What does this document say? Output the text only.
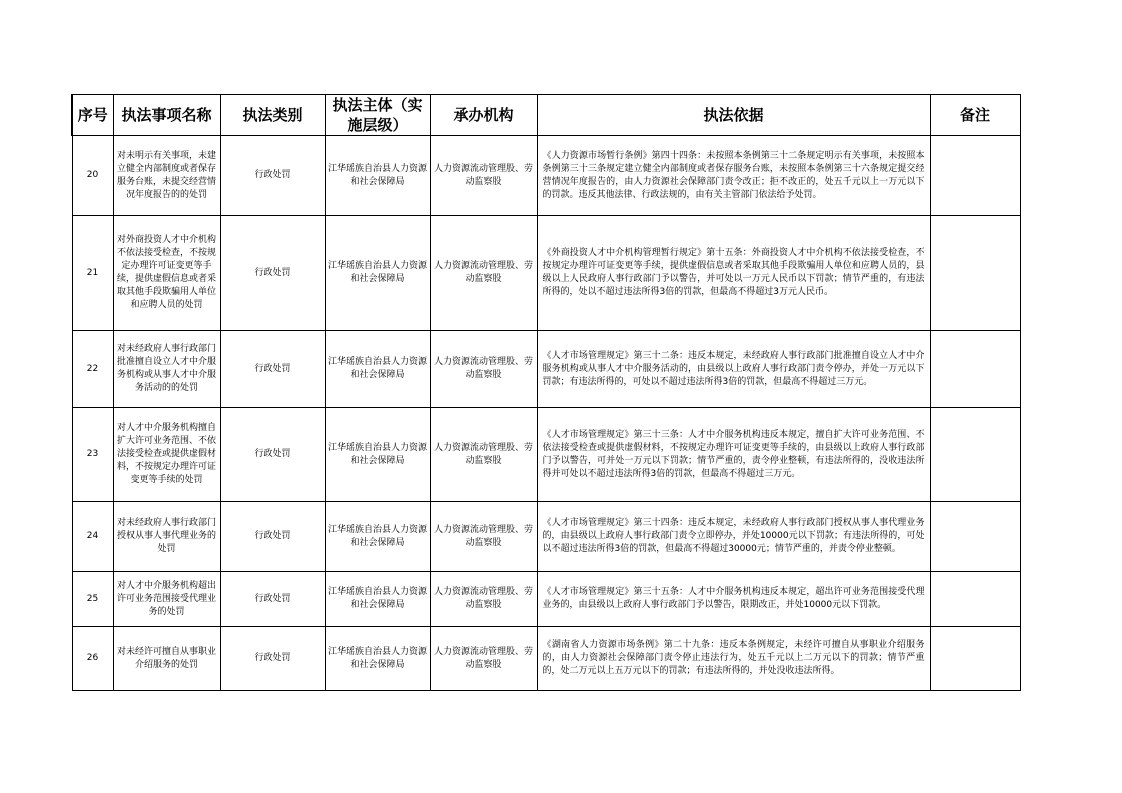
序号	执法事项名称	执法类别	执法主体（实施层级）	承办机构	执法依据	备注
20	对未明示有关事项，未建立健全内部制度或者保存服务台账，未提交经营情况年度报告的的处罚	行政处罚	江华瑶族自治县人力资源和社会保障局	人力资源流动管理股、劳动监察股	《人力资源市场暂行条例》第四十四条：未按照本条例第三十二条规定明示有关事项，未按照本条例第三十三条规定建立健全内部制度或者保存服务台账，未按照本条例第三十六条规定提交经营情况年度报告的，由人力资源社会保障部门责令改正；拒不改正的，处五千元以上一万元以下的罚款。违反其他法律、行政法规的，由有关主管部门依法给予处罚。	
21	对外商投资人才中介机构不依法接受检查，不按规定办理许可证变更等手续，提供虚假信息或者采取其他手段欺骗用人单位和应聘人员的处罚	行政处罚	江华瑶族自治县人力资源和社会保障局	人力资源流动管理股、劳动监察股	《外商投资人才中介机构管理暂行规定》第十五条：外商投资人才中介机构不依法接受检查，不按规定办理许可证变更等手续，提供虚假信息或者采取其他手段欺骗用人单位和应聘人员的，县级以上人民政府人事行政部门予以警告，并可处以一万元人民币以下罚款；情节严重的，有违法所得的，处以不超过违法所得3倍的罚款，但最高不得超过3万元人民币。	
22	对未经政府人事行政部门批准擅自设立人才中介服务机构或从事人才中介服务活动的的处罚	行政处罚	江华瑶族自治县人力资源和社会保障局	人力资源流动管理股、劳动监察股	《人才市场管理规定》第三十二条：违反本规定，未经政府人事行政部门批准擅自设立人才中介服务机构或从事人才中介服务活动的，由县级以上政府人事行政部门责令停办，并处一万元以下罚款；有违法所得的，可处以不超过违法所得3倍的罚款，但最高不得超过三万元。	
23	对人才中介服务机构擅自扩大许可业务范围、不依法接受检查或提供虚假材料，不按规定办理许可证变更等手续的处罚	行政处罚	江华瑶族自治县人力资源和社会保障局	人力资源流动管理股、劳动监察股	《人才市场管理规定》第三十三条：人才中介服务机构违反本规定，擅自扩大许可业务范围、不依法接受检查或提供虚假材料，不按规定办理许可证变更等手续的，由县级以上政府人事行政部门予以警告，可并处一万元以下罚款；情节严重的，责令停业整顿，有违法所得的，没收违法所得并可处以不超过违法所得3倍的罚款，但最高不得超过三万元。	
24	对未经政府人事行政部门授权从事人事代理业务的处罚	行政处罚	江华瑶族自治县人力资源和社会保障局	人力资源流动管理股、劳动监察股	《人才市场管理规定》第三十四条：违反本规定，未经政府人事行政部门授权从事人事代理业务的，由县级以上政府人事行政部门责令立即停办，并处10000元以下罚款；有违法所得的，可处以不超过违法所得3倍的罚款，但最高不得超过30000元；情节严重的，并责令停业整顿。	
25	对人才中介服务机构超出许可业务范围接受代理业务的处罚	行政处罚	江华瑶族自治县人力资源和社会保障局	人力资源流动管理股、劳动监察股	《人才市场管理规定》第三十五条：人才中介服务机构违反本规定，超出许可业务范围接受代理业务的，由县级以上政府人事行政部门予以警告，限期改正，并处10000元以下罚款。	
26	对未经许可擅自从事职业介绍服务的处罚	行政处罚	江华瑶族自治县人力资源和社会保障局	人力资源流动管理股、劳动监察股	《湖南省人力资源市场条例》第二十九条：违反本条例规定，未经许可擅自从事职业介绍服务的，由人力资源社会保障部门责令停止违法行为，处五千元以上二万元以下的罚款；情节严重的，处二万元以上五万元以下的罚款；有违法所得的，并处没收违法所得。	
